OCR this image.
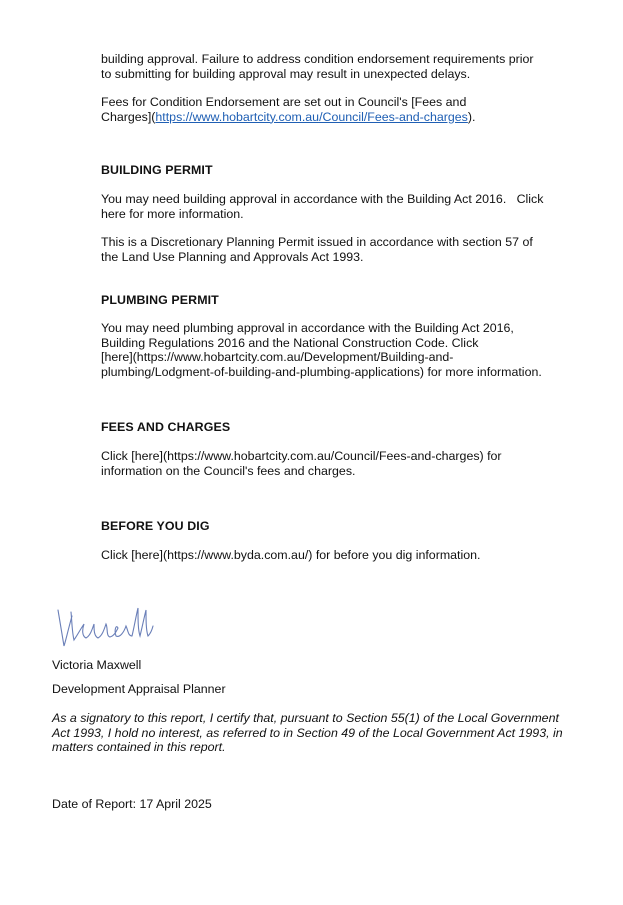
building approval. Failure to address condition endorsement requirements prior
to submitting for building approval may result in unexpected delays.
Fees for Condition Endorsement are set out in Council's [Fees and
Charges](https://www.hobartcity.com.au/Council/Fees-and-charges).
BUILDING PERMIT
You may need building approval in accordance with the Building Act 2016.   Click
here for more information.
This is a Discretionary Planning Permit issued in accordance with section 57 of
the Land Use Planning and Approvals Act 1993.
PLUMBING PERMIT
You may need plumbing approval in accordance with the Building Act 2016,
Building Regulations 2016 and the National Construction Code. Click
[here](https://www.hobartcity.com.au/Development/Building-and-
plumbing/Lodgment-of-building-and-plumbing-applications) for more information.
FEES AND CHARGES
Click [here](https://www.hobartcity.com.au/Council/Fees-and-charges) for
information on the Council's fees and charges.
BEFORE YOU DIG
Click [here](https://www.byda.com.au/) for before you dig information.
Victoria Maxwell
Development Appraisal Planner
As a signatory to this report, I certify that, pursuant to Section 55(1) of the Local Government
Act 1993, I hold no interest, as referred to in Section 49 of the Local Government Act 1993, in
matters contained in this report.
Date of Report: 17 April 2025
